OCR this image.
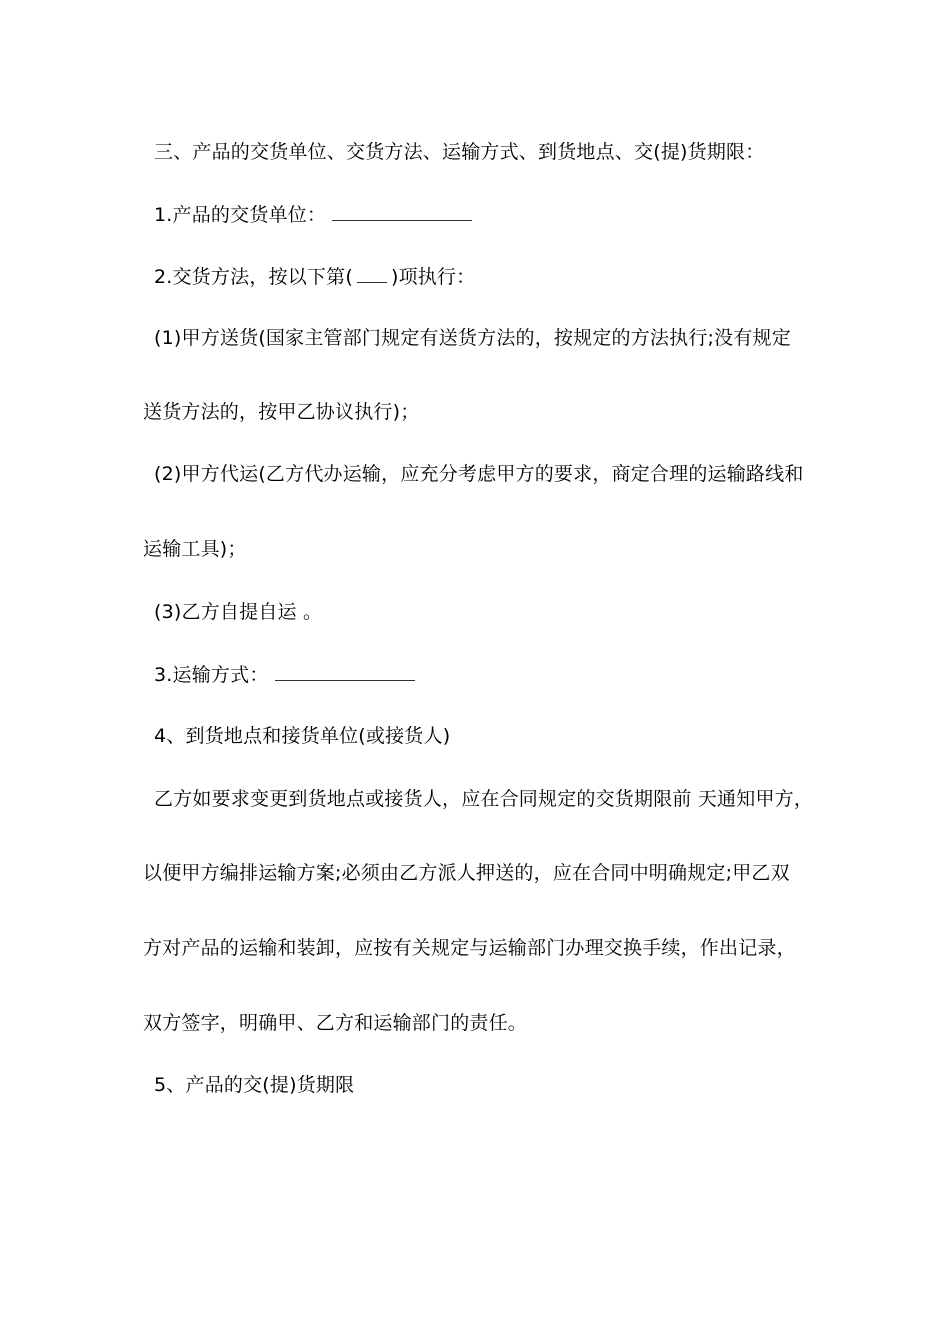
三、产品的交货单位、交货方法、运输方式、到货地点、交(提)货期限：
1.产品的交货单位：
2.交货方法，按以下第( )项执行：
(1)甲方送货(国家主管部门规定有送货方法的，按规定的方法执行;没有规定
送货方法的，按甲乙协议执行)；
(2)甲方代运(乙方代办运输，应充分考虑甲方的要求，商定合理的运输路线和
运输工具)；
(3)乙方自提自运 。
3.运输方式：
4、到货地点和接货单位(或接货人)
乙方如要求变更到货地点或接货人，应在合同规定的交货期限前 天通知甲方，
以便甲方编排运输方案;必须由乙方派人押送的，应在合同中明确规定;甲乙双
方对产品的运输和装卸，应按有关规定与运输部门办理交换手续，作出记录，
双方签字，明确甲、乙方和运输部门的责任。
5、产品的交(提)货期限
